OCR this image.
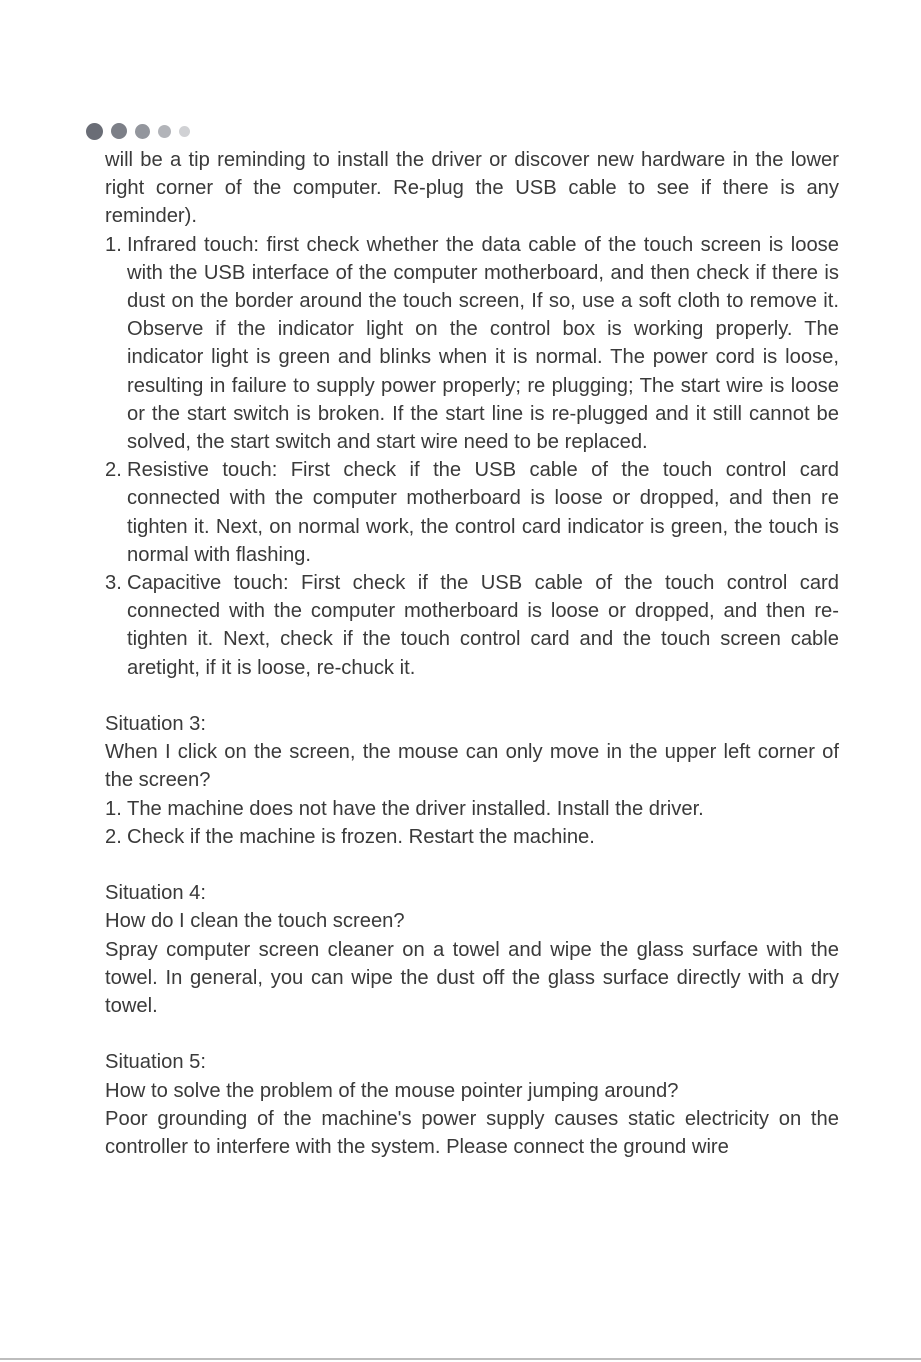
will be a tip reminding to install the driver or discover new hardware in the lower right corner of the computer. Re-plug the USB cable to see if there is any reminder).

1. Infrared touch: first check whether the data cable of the touch screen is loose with the USB interface of the computer motherboard, and then check if there is dust on the border around the touch screen, If so, use a soft cloth to remove it. Observe if the indicator light on the control box is working properly. The indicator light is green and blinks when it is normal. The power cord is loose, resulting in failure to supply power properly; re plugging; The start wire is loose or the start switch is broken. If the start line is re-plugged and it still cannot be solved, the start switch and start wire need to be replaced.
2. Resistive touch: First check if the USB cable of the touch control card connected with the computer motherboard is loose or dropped, and then re tighten it. Next, on normal work, the control card indicator is green, the touch is normal with flashing.
3. Capacitive touch: First check if the USB cable of the touch control card connected with the computer motherboard is loose or dropped, and then re-tighten it. Next, check if the touch control card and the touch screen cable aretight, if it is loose, re-chuck it.

Situation 3:

When I click on the screen, the mouse can only move in the upper left corner of the screen?

1. The machine does not have the driver installed. Install the driver.
2. Check if the machine is frozen. Restart the machine.

Situation 4:

How do I clean the touch screen?

Spray computer screen cleaner on a towel and wipe the glass surface with the towel. In general, you can wipe the dust off the glass surface directly with a dry towel.

Situation 5:

How to solve the problem of the mouse pointer jumping around?

Poor grounding of the machine's power supply causes static electricity on the controller to interfere with the system. Please connect the ground wire
